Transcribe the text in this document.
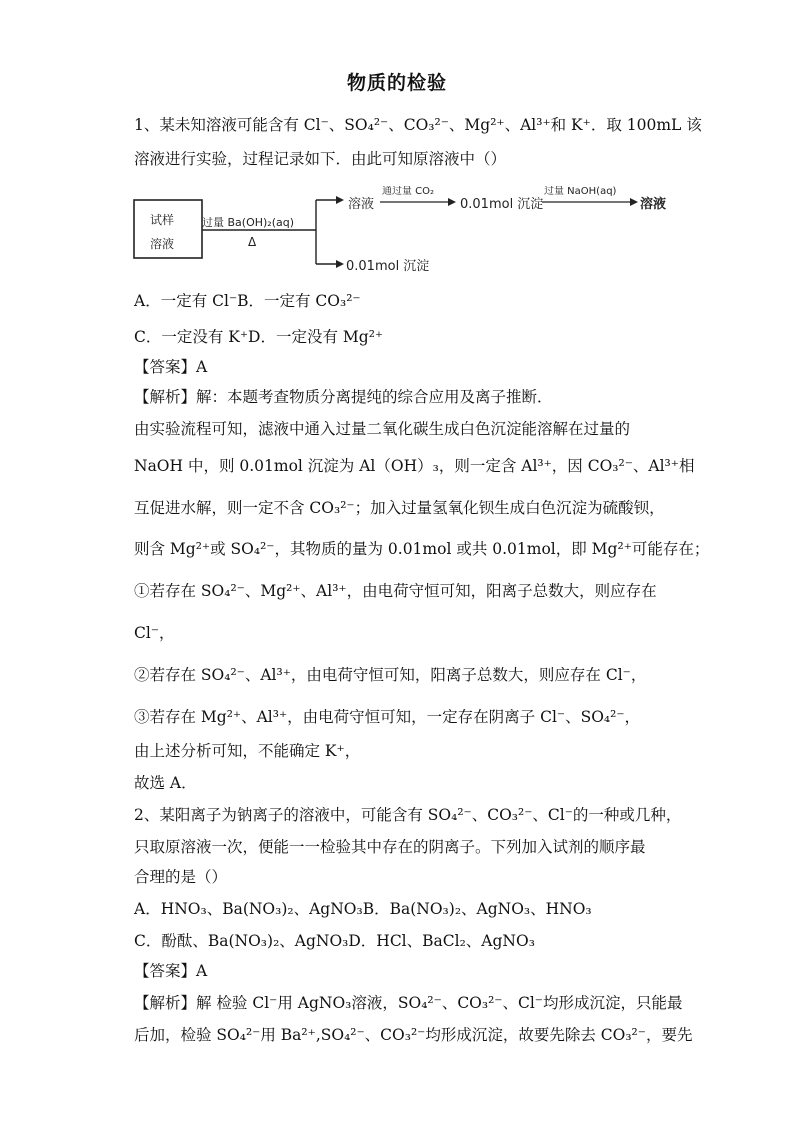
物质的检验
1、某未知溶液可能含有 Cl⁻、SO₄²⁻、CO₃²⁻、Mg²⁺、Al³⁺和 K⁺．取 100mL 该
溶液进行实验，过程记录如下．由此可知原溶液中（）
试样
溶液
过量 Ba(OH)₂(aq)
Δ
溶液
通过量 CO₂
0.01mol 沉淀
过量 NaOH(aq)
溶液
0.01mol 沉淀
A．一定有 Cl⁻B．一定有 CO₃²⁻
C．一定没有 K⁺D．一定没有 Mg²⁺
【答案】A
【解析】解：本题考查物质分离提纯的综合应用及离子推断．
由实验流程可知，滤液中通入过量二氧化碳生成白色沉淀能溶解在过量的
NaOH 中，则 0.01mol 沉淀为 Al（OH）₃，则一定含 Al³⁺，因 CO₃²⁻、Al³⁺相
互促进水解，则一定不含 CO₃²⁻；加入过量氢氧化钡生成白色沉淀为硫酸钡，
则含 Mg²⁺或 SO₄²⁻，其物质的量为 0.01mol 或共 0.01mol，即 Mg²⁺可能存在；
①若存在 SO₄²⁻、Mg²⁺、Al³⁺，由电荷守恒可知，阳离子总数大，则应存在
Cl⁻，
②若存在 SO₄²⁻、Al³⁺，由电荷守恒可知，阳离子总数大，则应存在 Cl⁻，
③若存在 Mg²⁺、Al³⁺，由电荷守恒可知，一定存在阴离子 Cl⁻、SO₄²⁻，
由上述分析可知，不能确定 K⁺，
故选 A．
2、某阳离子为钠离子的溶液中，可能含有 SO₄²⁻、CO₃²⁻、Cl⁻的一种或几种，
只取原溶液一次，便能一一检验其中存在的阴离子。下列加入试剂的顺序最
合理的是（）
A．HNO₃、Ba(NO₃)₂、AgNO₃B．Ba(NO₃)₂、AgNO₃、HNO₃
C．酚酞、Ba(NO₃)₂、AgNO₃D．HCl、BaCl₂、AgNO₃
【答案】A
【解析】解 检验 Cl⁻用 AgNO₃溶液，SO₄²⁻、CO₃²⁻、Cl⁻均形成沉淀，只能最
后加，检验 SO₄²⁻用 Ba²⁺,SO₄²⁻、CO₃²⁻均形成沉淀，故要先除去 CO₃²⁻，要先
